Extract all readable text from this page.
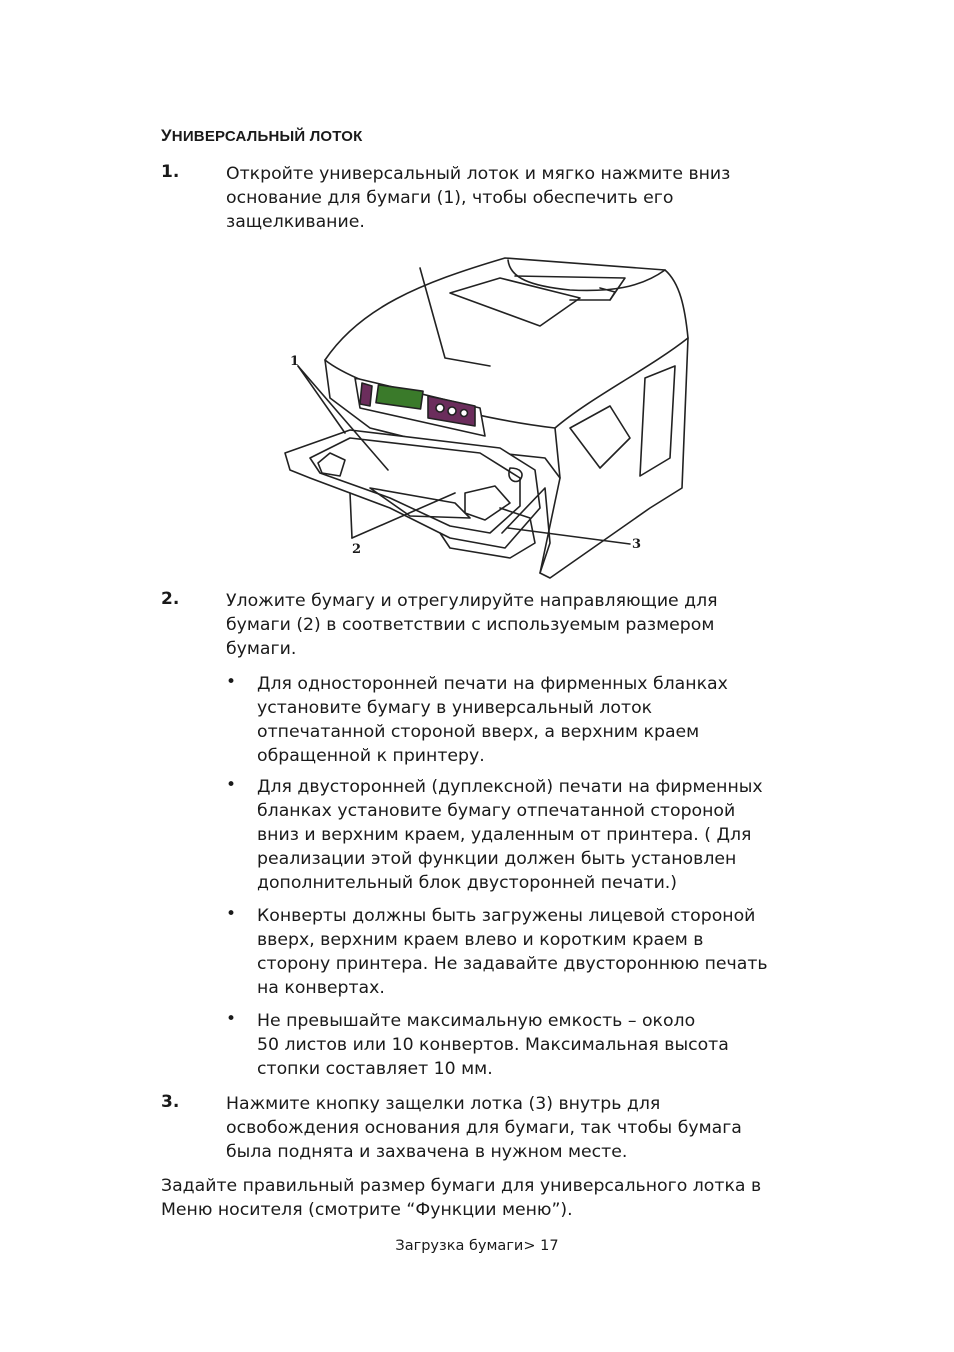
УНИВЕРСАЛЬНЫЙ ЛОТОК
1.	Откройте универсальный лоток и мягко нажмите вниз
основание для бумаги (1), чтобы обеспечить его
защелкивание.
1
2	3
2.	Уложите бумагу и отрегулируйте направляющие для
бумаги (2) в соответствии с используемым размером
бумаги.
• Для односторонней печати на фирменных бланках
установите бумагу в универсальный лоток
отпечатанной стороной вверх, а верхним краем
обращенной к принтеру.
• Для двусторонней (дуплексной) печати на фирменных
бланках установите бумагу отпечатанной стороной
вниз и верхним краем, удаленным от принтера. ( Для
реализации этой функции должен быть установлен
дополнительный блок двусторонней печати.)
• Конверты должны быть загружены лицевой стороной
вверх, верхним краем влево и коротким краем в
сторону принтера. Не задавайте двустороннюю печать
на конвертах.
• Не превышайте максимальную емкость – около
50 листов или 10 конвертов. Максимальная высота
стопки составляет 10 мм.
3.	Нажмите кнопку защелки лотка (3) внутрь для
освобождения основания для бумаги, так чтобы бумага
была поднята и захвачена в нужном месте.
Задайте правильный размер бумаги для универсального лотка в
Меню носителя (смотрите “Функции меню”).
Загрузка бумаги> 17
